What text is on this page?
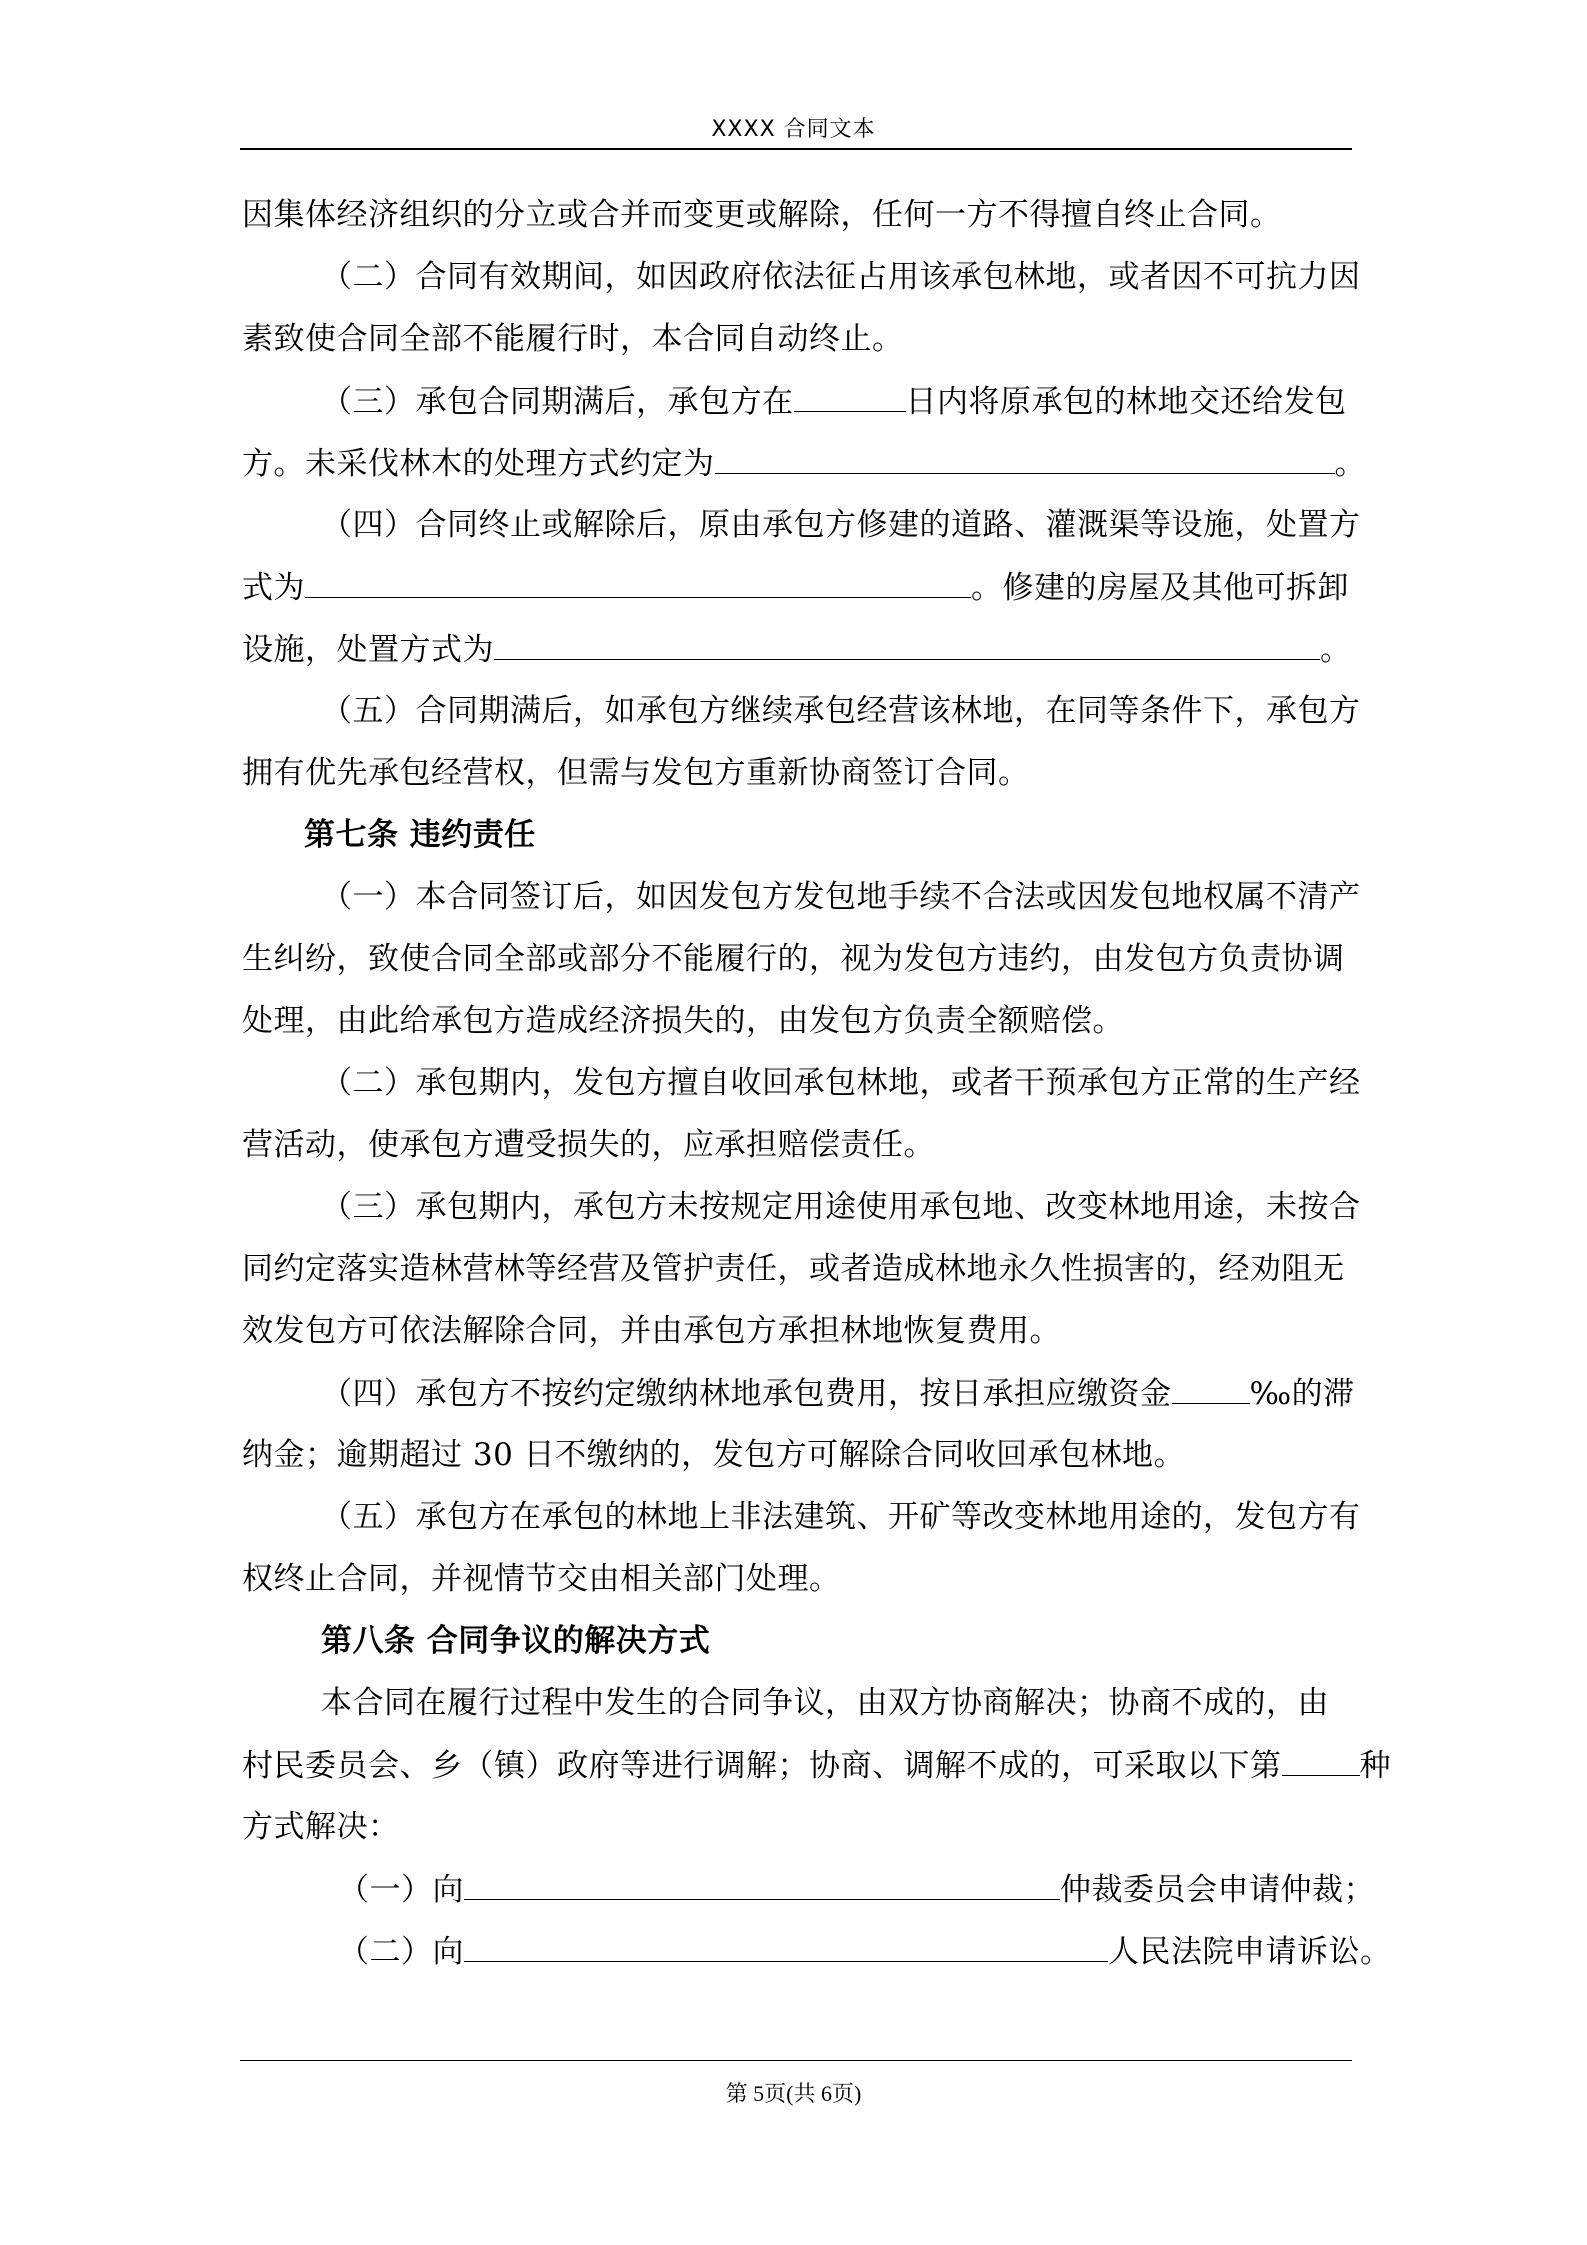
XXXX 合同文本
因集体经济组织的分立或合并而变更或解除，任何一方不得擅自终止合同。
（二）合同有效期间，如因政府依法征占用该承包林地，或者因不可抗力因
素致使合同全部不能履行时，本合同自动终止。
（三）承包合同期满后，承包方在	日内将原承包的林地交还给发包
方。未采伐林木的处理方式约定为	。
（四）合同终止或解除后，原由承包方修建的道路、灌溉渠等设施，处置方
式为	。修建的房屋及其他可拆卸
设施，处置方式为	。
（五）合同期满后，如承包方继续承包经营该林地，在同等条件下，承包方
拥有优先承包经营权，但需与发包方重新协商签订合同。
第七条 违约责任
（一）本合同签订后，如因发包方发包地手续不合法或因发包地权属不清产
生纠纷，致使合同全部或部分不能履行的，视为发包方违约，由发包方负责协调
处理，由此给承包方造成经济损失的，由发包方负责全额赔偿。
（二）承包期内，发包方擅自收回承包林地，或者干预承包方正常的生产经
营活动，使承包方遭受损失的，应承担赔偿责任。
（三）承包期内，承包方未按规定用途使用承包地、改变林地用途，未按合
同约定落实造林营林等经营及管护责任，或者造成林地永久性损害的，经劝阻无
效发包方可依法解除合同，并由承包方承担林地恢复费用。
（四）承包方不按约定缴纳林地承包费用，按日承担应缴资金	‰的滞
纳金；逾期超过 30 日不缴纳的，发包方可解除合同收回承包林地。
（五）承包方在承包的林地上非法建筑、开矿等改变林地用途的，发包方有
权终止合同，并视情节交由相关部门处理。
第八条 合同争议的解决方式
本合同在履行过程中发生的合同争议，由双方协商解决；协商不成的，由
村民委员会、乡（镇）政府等进行调解；协商、调解不成的，可采取以下第	种
方式解决：
（一）向	仲裁委员会申请仲裁；
（二）向	人民法院申请诉讼。
第 5页(共 6页)
